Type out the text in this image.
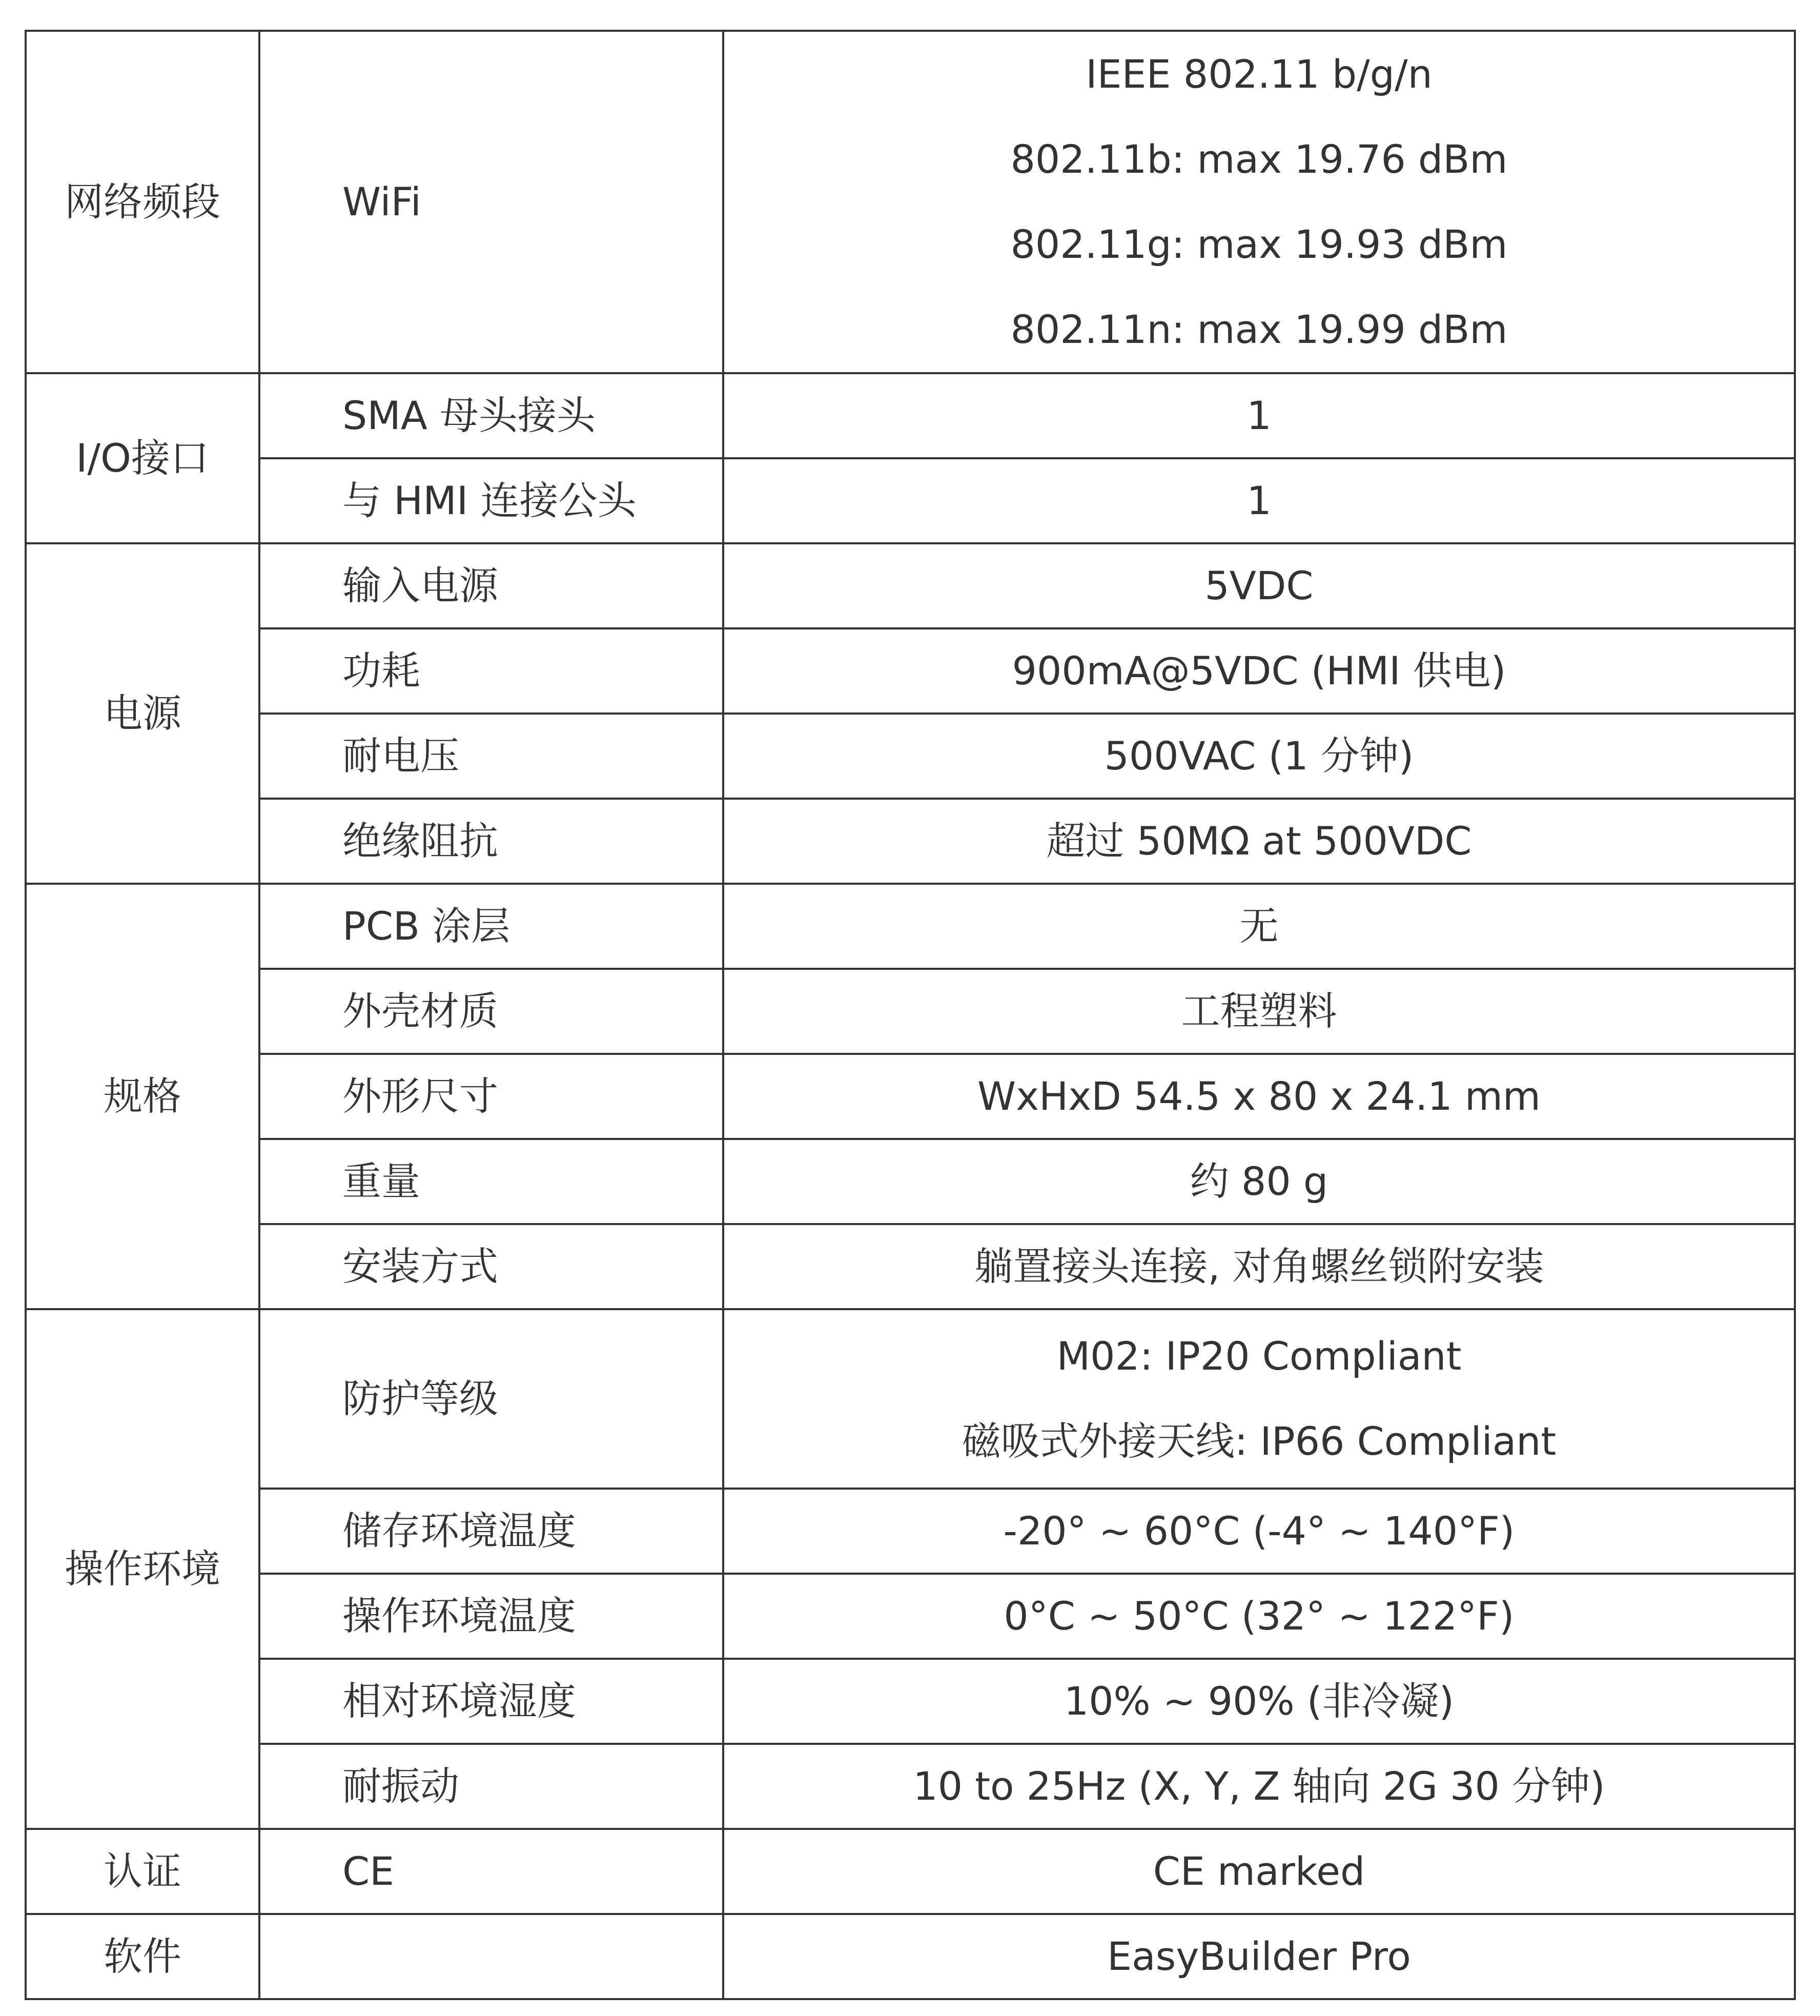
网络频段	WiFi	IEEE 802.11 b/g/n
802.11b: max 19.76 dBm
802.11g: max 19.93 dBm
802.11n: max 19.99 dBm

I/O接口	SMA 母头接头	1
	与 HMI 连接公头	1
电源	输入电源	5VDC
	功耗	900mA@5VDC (HMI 供电)
	耐电压	500VAC (1 分钟)
	绝缘阻抗	超过 50MΩ at 500VDC
规格	PCB 涂层	无
	外壳材质	工程塑料
	外形尺寸	WxHxD 54.5 x 80 x 24.1 mm
	重量	约 80 g
	安装方式	躺置接头连接, 对角螺丝锁附安装
操作环境	防护等级	M02: IP20 Compliant
磁吸式外接天线: IP66 Compliant

	储存环境温度	-20° ~ 60°C (-4° ~ 140°F)
	操作环境温度	0°C ~ 50°C (32° ~ 122°F)
	相对环境湿度	10% ~ 90% (非冷凝)
	耐振动	10 to 25Hz (X, Y, Z 轴向 2G 30 分钟)
认证	CE	CE marked
软件		EasyBuilder Pro
